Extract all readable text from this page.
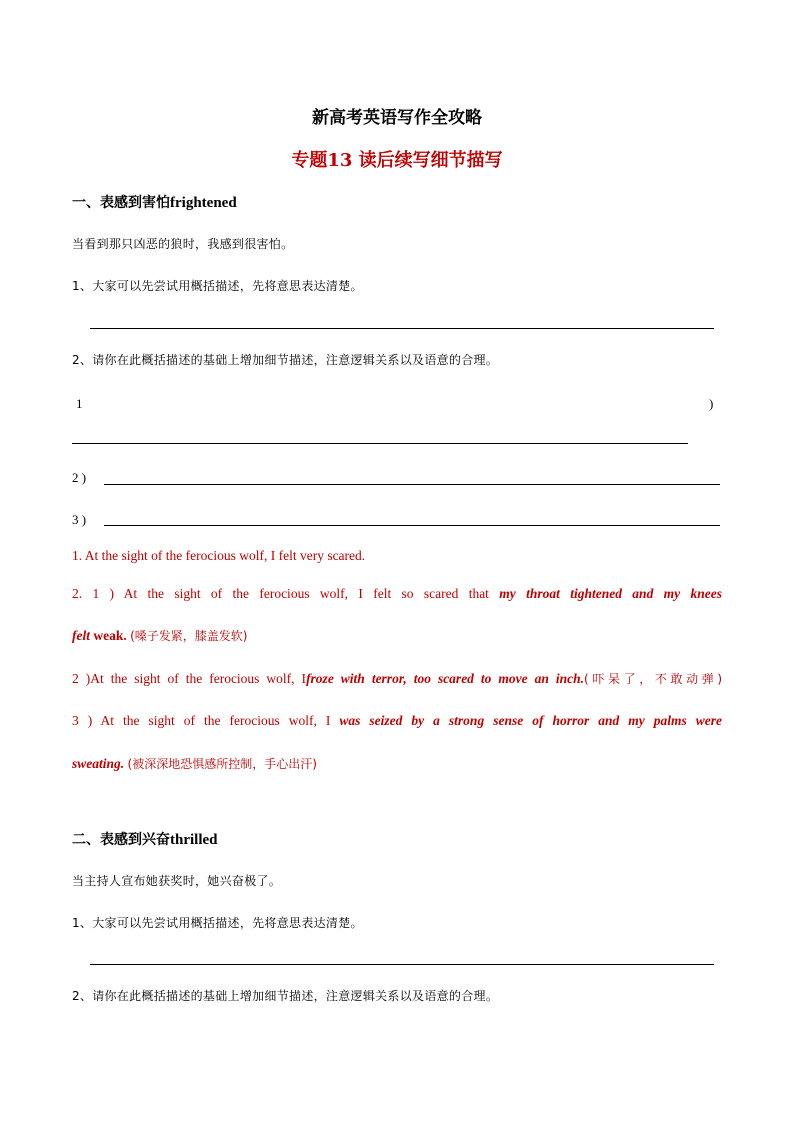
新高考英语写作全攻略
专题13 读后续写细节描写
一、表感到害怕frightened
当看到那只凶恶的狼时，我感到很害怕。
1、大家可以先尝试用概括描述，先将意思表达清楚。
2、请你在此概括描述的基础上增加细节描述，注意逻辑关系以及语意的合理。
1	)
2 )
3 )
1. At the sight of the ferocious wolf, I felt very scared.
2. 1 ) At the sight of the ferocious wolf, I felt so scared that my throat tightened and my knees
felt weak. (嗓子发紧，膝盖发软)
2 )At the sight of the ferocious wolf, Ifroze with terror, too scared to move an inch.(吓呆了，不敢动弹)
3 ) At the sight of the ferocious wolf, I was seized by a strong sense of horror and my palms were
sweating. (被深深地恐惧感所控制，手心出汗)
二、表感到兴奋thrilled
当主持人宣布她获奖时，她兴奋极了。
1、大家可以先尝试用概括描述，先将意思表达清楚。
2、请你在此概括描述的基础上增加细节描述，注意逻辑关系以及语意的合理。
